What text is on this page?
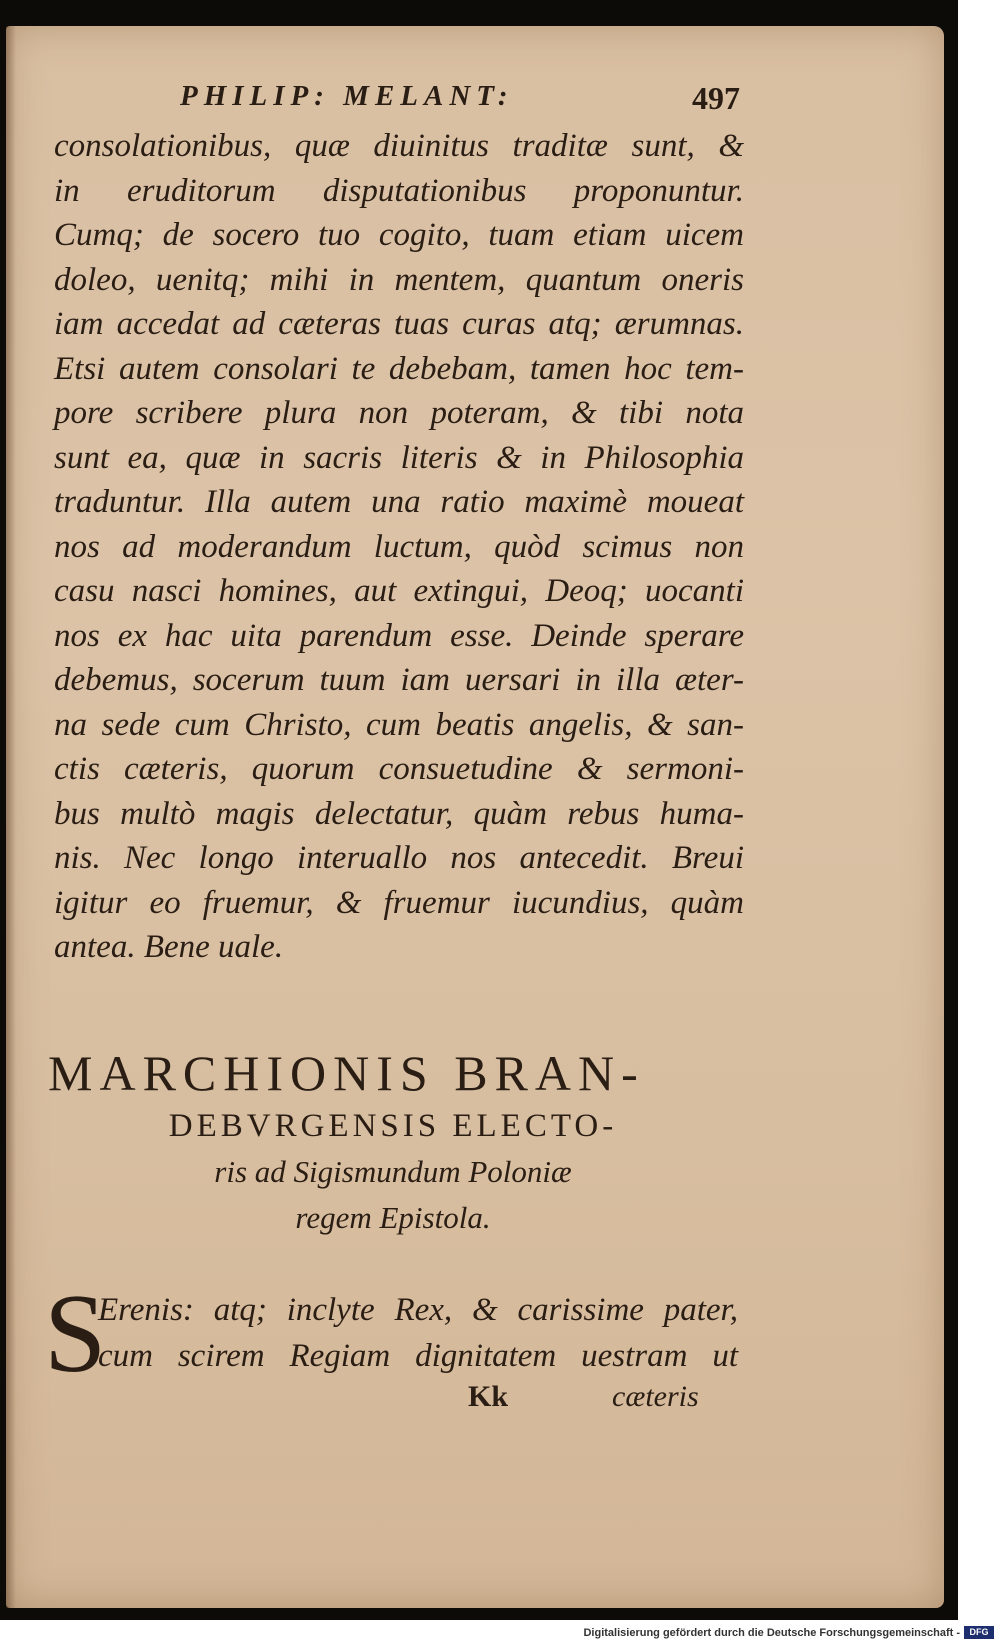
PHILIP: MELANT:	497
consolationibus, quæ diuinitus traditæ sunt, &
in eruditorum disputationibus proponuntur.
Cumq; de socero tuo cogito, tuam etiam uicem
doleo, uenitq; mihi in mentem, quantum oneris
iam accedat ad cæteras tuas curas atq; ærumnas.
Etsi autem consolari te debebam, tamen hoc tem-
pore scribere plura non poteram, & tibi nota
sunt ea, quæ in sacris literis & in Philosophia
traduntur. Illa autem una ratio maximè moueat
nos ad moderandum luctum, quòd scimus non
casu nasci homines, aut extingui, Deoq; uocanti
nos ex hac uita parendum esse. Deinde sperare
debemus, socerum tuum iam uersari in illa æter-
na sede cum Christo, cum beatis angelis, & san-
ctis cæteris, quorum consuetudine & sermoni-
bus multò magis delectatur, quàm rebus huma-
nis. Nec longo interuallo nos antecedit. Breui
igitur eo fruemur, & fruemur iucundius, quàm
antea. Bene uale.
MARCHIONIS BRAN-
DEBVRGENSIS ELECTO-
ris ad Sigismundum Poloniæ
regem Epistola.
S
Erenis: atq; inclyte Rex, & carissime pater,
cum scirem Regiam dignitatem uestram ut
Kk	cæteris
Digitalisierung gefördert durch die Deutsche Forschungsgemeinschaft -	DFG
